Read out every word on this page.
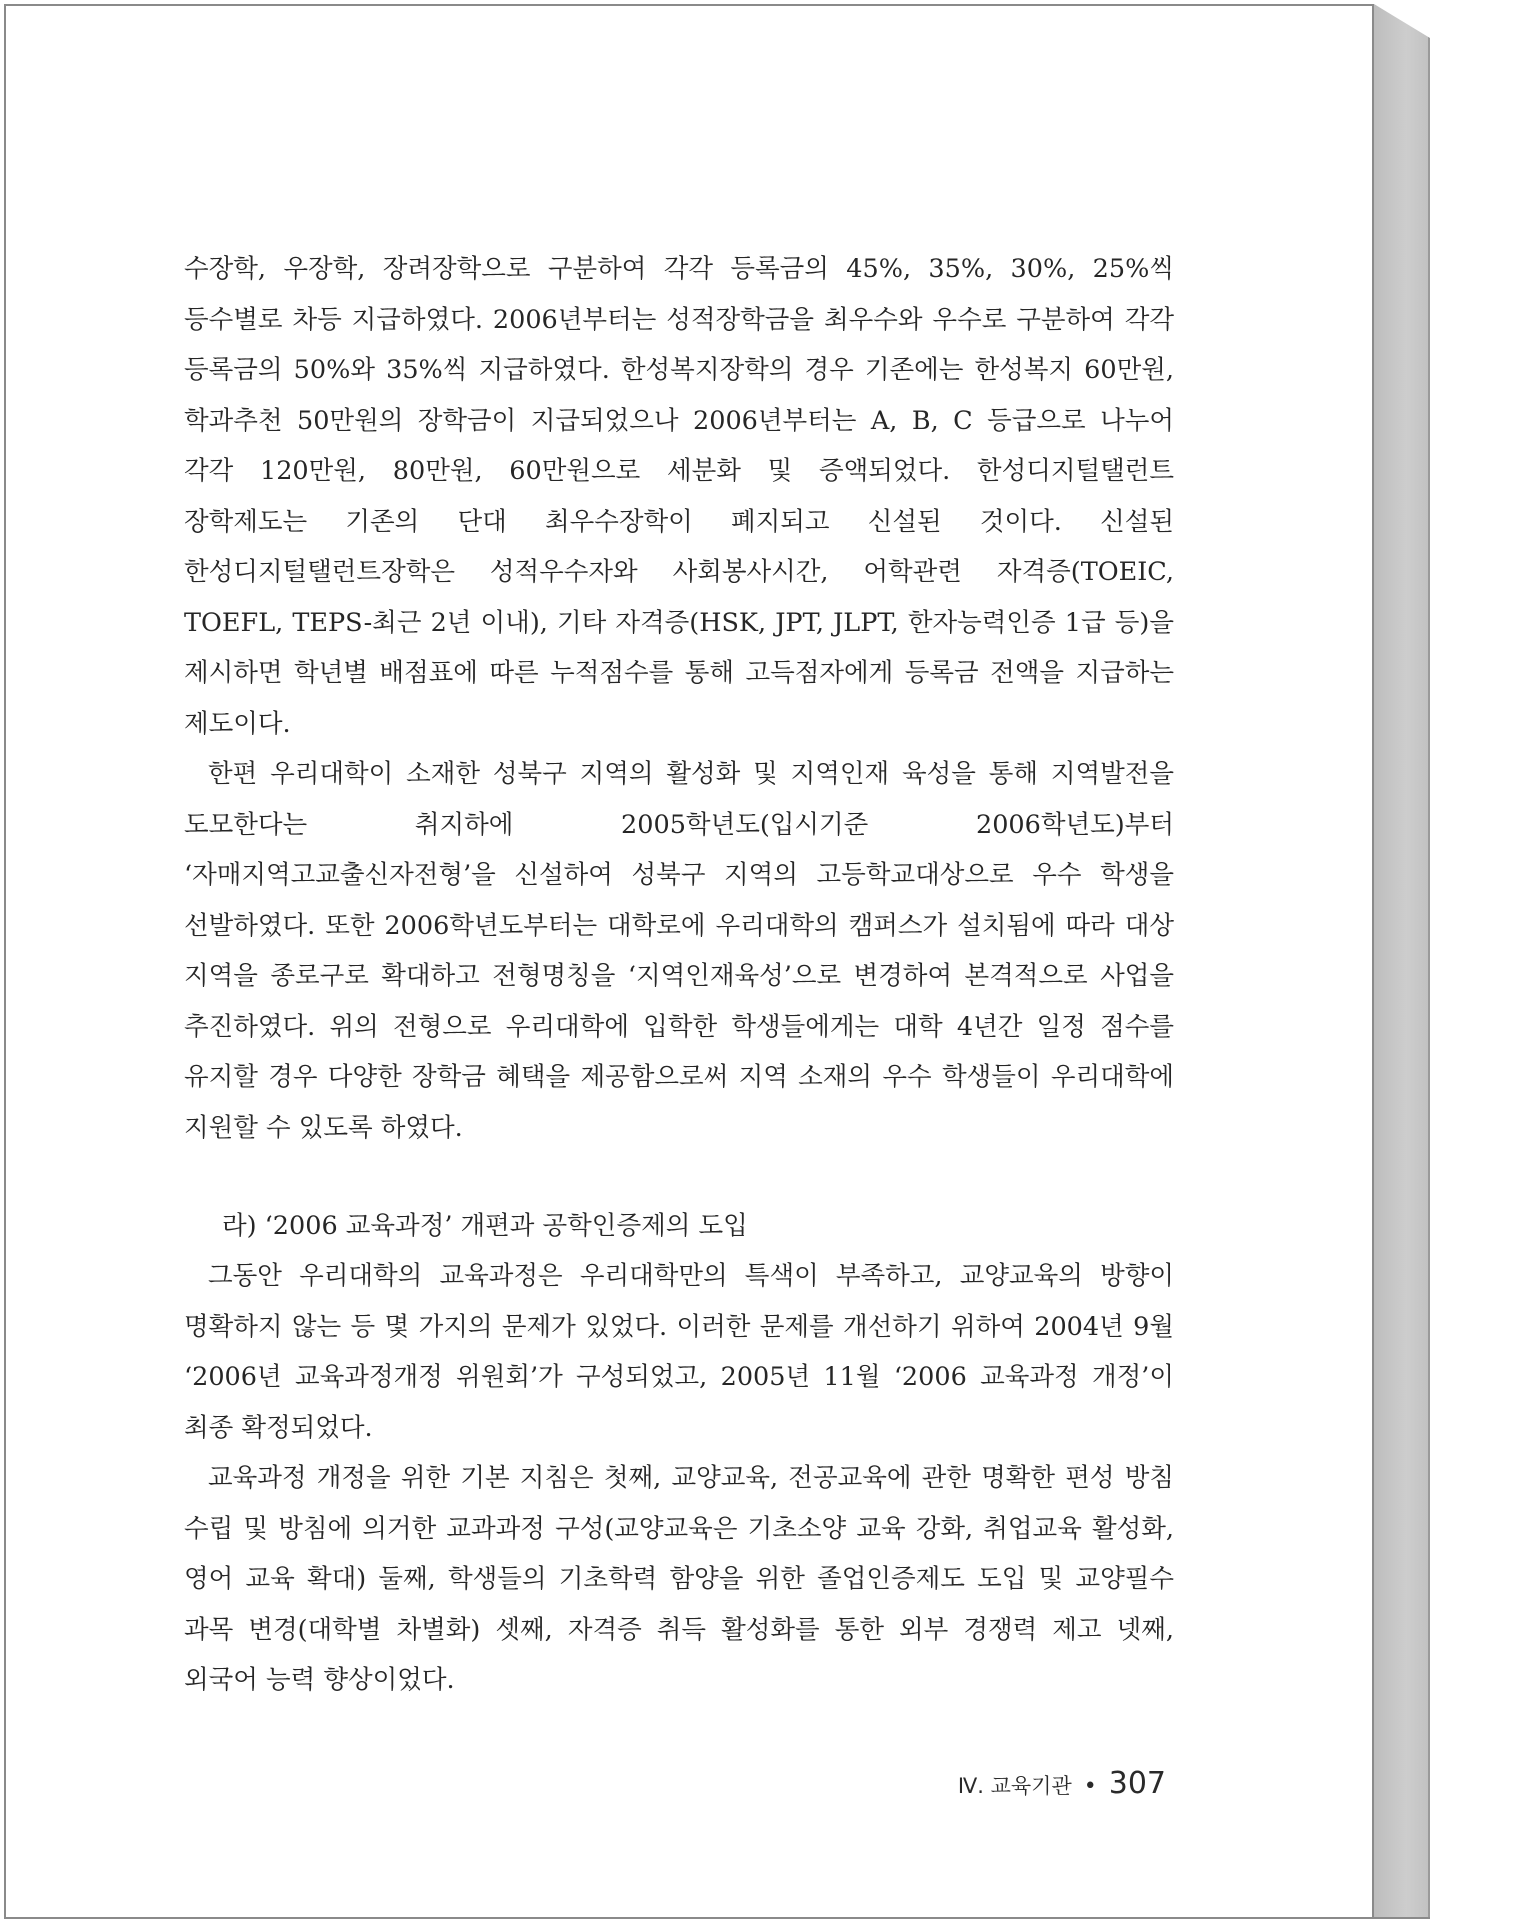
수장학, 우장학, 장려장학으로 구분하여 각각 등록금의 45%, 35%, 30%, 25%씩 등수별로 차등 지급하였다. 2006년부터는 성적장학금을 최우수와 우수로 구분하여 각각 등록금의 50%와 35%씩 지급하였다. 한성복지장학의 경우 기존에는 한성복지 60만원, 학과추천 50만원의 장학금이 지급되었으나 2006년부터는 A, B, C 등급으로 나누어 각각 120만원, 80만원, 60만원으로 세분화 및 증액되었다. 한성디지털탤런트 장학제도는 기존의 단대 최우수장학이 폐지되고 신설된 것이다. 신설된 한성디지털탤런트장학은 성적우수자와 사회봉사시간, 어학관련 자격증(TOEIC, TOEFL, TEPS-최근 2년 이내), 기타 자격증(HSK, JPT, JLPT, 한자능력인증 1급 등)을 제시하면 학년별 배점표에 따른 누적점수를 통해 고득점자에게 등록금 전액을 지급하는 제도이다.

한편 우리대학이 소재한 성북구 지역의 활성화 및 지역인재 육성을 통해 지역발전을 도모한다는 취지하에 2005학년도(입시기준 2006학년도)부터 ‘자매지역고교출신자전형’을 신설하여 성북구 지역의 고등학교대상으로 우수 학생을 선발하였다. 또한 2006학년도부터는 대학로에 우리대학의 캠퍼스가 설치됨에 따라 대상 지역을 종로구로 확대하고 전형명칭을 ‘지역인재육성’으로 변경하여 본격적으로 사업을 추진하였다. 위의 전형으로 우리대학에 입학한 학생들에게는 대학 4년간 일정 점수를 유지할 경우 다양한 장학금 혜택을 제공함으로써 지역 소재의 우수 학생들이 우리대학에 지원할 수 있도록 하였다.

라) ‘2006 교육과정’ 개편과 공학인증제의 도입

그동안 우리대학의 교육과정은 우리대학만의 특색이 부족하고, 교양교육의 방향이 명확하지 않는 등 몇 가지의 문제가 있었다. 이러한 문제를 개선하기 위하여 2004년 9월 ‘2006년 교육과정개정 위원회’가 구성되었고, 2005년 11월 ‘2006 교육과정 개정’이 최종 확정되었다.

교육과정 개정을 위한 기본 지침은 첫째, 교양교육, 전공교육에 관한 명확한 편성 방침 수립 및 방침에 의거한 교과과정 구성(교양교육은 기초소양 교육 강화, 취업교육 활성화, 영어 교육 확대) 둘째, 학생들의 기초학력 함양을 위한 졸업인증제도 도입 및 교양필수 과목 변경(대학별 차별화) 셋째, 자격증 취득 활성화를 통한 외부 경쟁력 제고 넷째, 외국어 능력 향상이었다.

Ⅳ. 교육기관 • 307
